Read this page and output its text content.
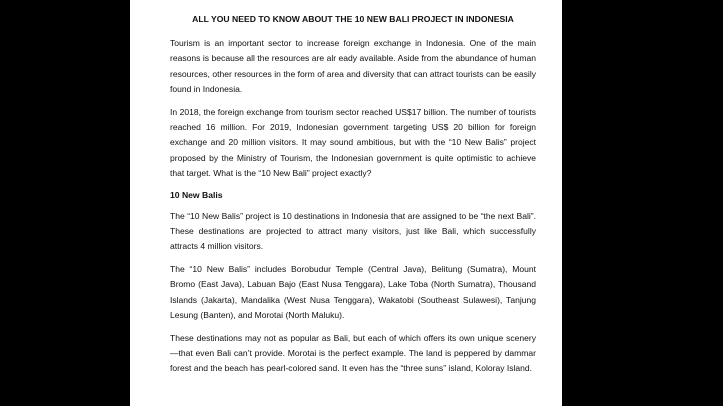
ALL YOU NEED TO KNOW ABOUT THE 10 NEW BALI PROJECT IN INDONESIA

Tourism is an important sector to increase foreign exchange in Indonesia. One of the main reasons is because all the resources are alr eady available. Aside from the abundance of human resources, other resources in the form of area and diversity that can attract tourists can be easily found in Indonesia.

In 2018, the foreign exchange from tourism sector reached US$17 billion. The number of tourists reached 16 million. For 2019, Indonesian government targeting US$ 20 billion for foreign exchange and 20 million visitors. It may sound ambitious, but with the “10 New Balis” project proposed by the Ministry of Tourism, the Indonesian government is quite optimistic to achieve that target. What is the “10 New Bali” project exactly?

10 New Balis

The “10 New Balis” project is 10 destinations in Indonesia that are assigned to be “the next Bali”. These destinations are projected to attract many visitors, just like Bali, which successfully attracts 4 million visitors.

The “10 New Balis” includes Borobudur Temple (Central Java), Belitung (Sumatra), Mount Bromo (East Java), Labuan Bajo (East Nusa Tenggara), Lake Toba (North Sumatra), Thousand Islands (Jakarta), Mandalika (West Nusa Tenggara), Wakatobi (Southeast Sulawesi), Tanjung Lesung (Banten), and Morotai (North Maluku).

These destinations may not as popular as Bali, but each of which offers its own unique scenery—that even Bali can’t provide. Morotai is the perfect example. The land is peppered by dammar forest and the beach has pearl-colored sand. It even has the “three suns” island, Koloray Island.
